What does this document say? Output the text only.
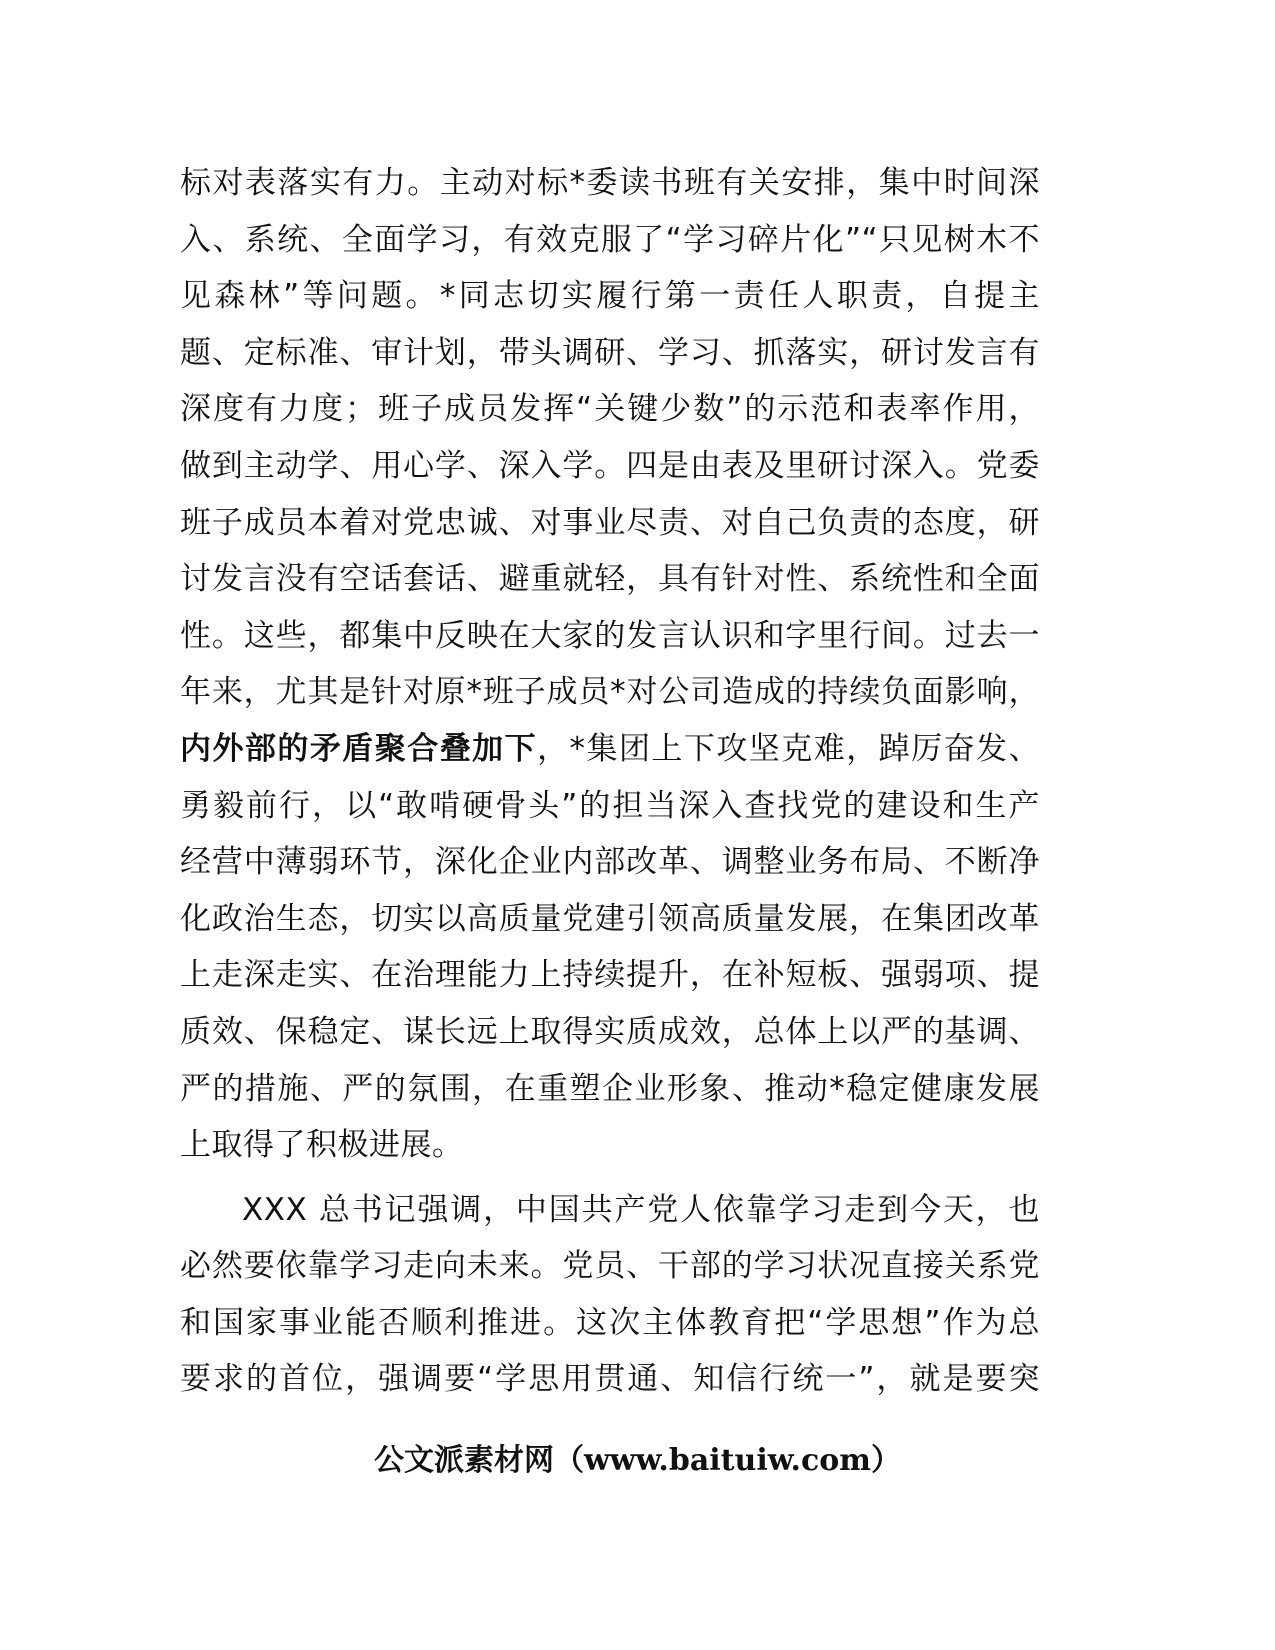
标对表落实有力。主动对标*委读书班有关安排，集中时间深
入、系统、全面学习，有效克服了“学习碎片化”“只见树木不
见森林”等问题。*同志切实履行第一责任人职责，自提主
题、定标准、审计划，带头调研、学习、抓落实，研讨发言有
深度有力度；班子成员发挥“关键少数”的示范和表率作用，
做到主动学、用心学、深入学。四是由表及里研讨深入。党委
班子成员本着对党忠诚、对事业尽责、对自己负责的态度，研
讨发言没有空话套话、避重就轻，具有针对性、系统性和全面
性。这些，都集中反映在大家的发言认识和字里行间。过去一
年来，尤其是针对原*班子成员*对公司造成的持续负面影响，
内外部的矛盾聚合叠加下，*集团上下攻坚克难，踔厉奋发、
勇毅前行，以“敢啃硬骨头”的担当深入查找党的建设和生产
经营中薄弱环节，深化企业内部改革、调整业务布局、不断净
化政治生态，切实以高质量党建引领高质量发展，在集团改革
上走深走实、在治理能力上持续提升，在补短板、强弱项、提
质效、保稳定、谋长远上取得实质成效，总体上以严的基调、
严的措施、严的氛围，在重塑企业形象、推动*稳定健康发展
上取得了积极进展。
XXX 总书记强调，中国共产党人依靠学习走到今天，也
必然要依靠学习走向未来。党员、干部的学习状况直接关系党
和国家事业能否顺利推进。这次主体教育把“学思想”作为总
要求的首位，强调要“学思用贯通、知信行统一”，就是要突
公文派素材网（www.baituiw.com）
